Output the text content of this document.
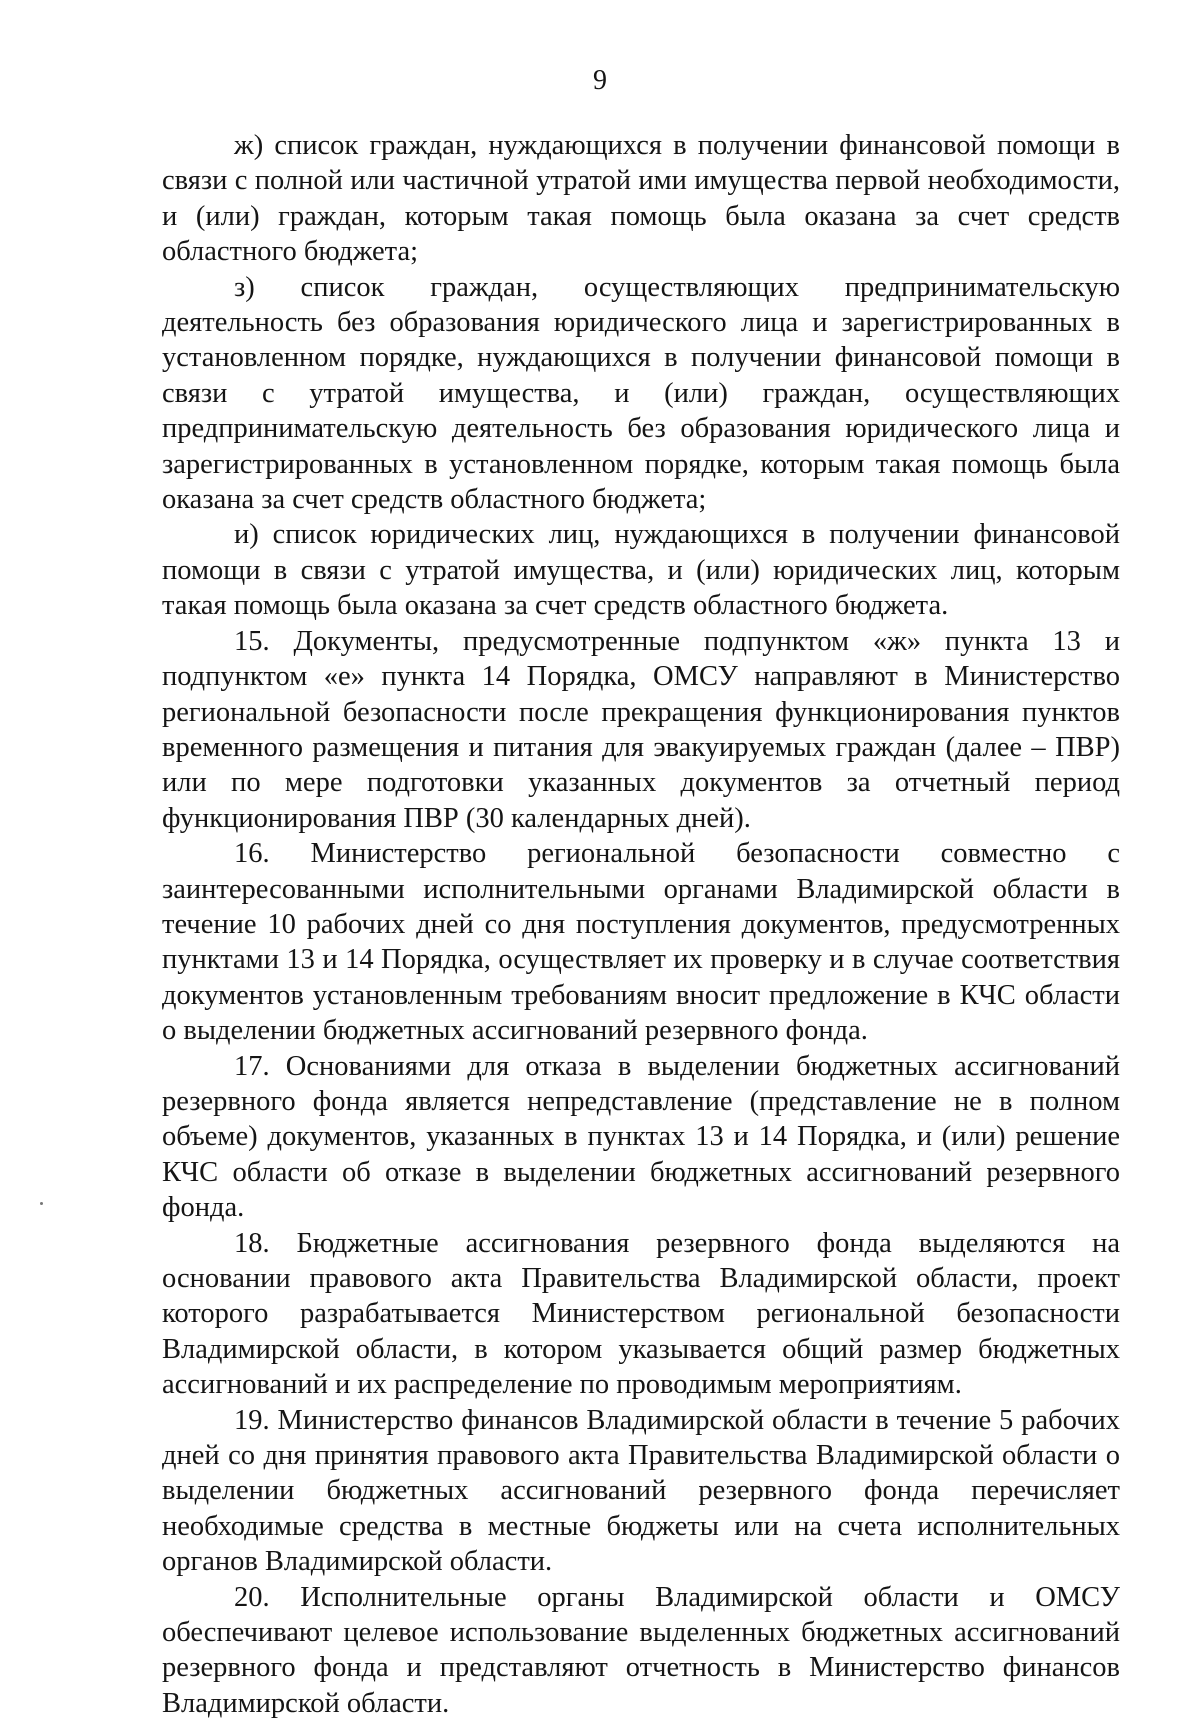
9

ж) список граждан, нуждающихся в получении финансовой помощи в связи с полной или частичной утратой ими имущества первой необходимости, и (или) граждан, которым такая помощь была оказана за счет средств областного бюджета;

з) список граждан, осуществляющих предпринимательскую деятельность без образования юридического лица и зарегистрированных в установленном порядке, нуждающихся в получении финансовой помощи в связи с утратой имущества, и (или) граждан, осуществляющих предпринимательскую деятельность без образования юридического лица и зарегистрированных в установленном порядке, которым такая помощь была оказана за счет средств областного бюджета;

и) список юридических лиц, нуждающихся в получении финансовой помощи в связи с утратой имущества, и (или) юридических лиц, которым такая помощь была оказана за счет средств областного бюджета.

15. Документы, предусмотренные подпунктом «ж» пункта 13 и подпунктом «е» пункта 14 Порядка, ОМСУ направляют в Министерство региональной безопасности после прекращения функционирования пунктов временного размещения и питания для эвакуируемых граждан (далее – ПВР) или по мере подготовки указанных документов за отчетный период функционирования ПВР (30 календарных дней).

16. Министерство региональной безопасности совместно с заинтересованными исполнительными органами Владимирской области в течение 10 рабочих дней со дня поступления документов, предусмотренных пунктами 13 и 14 Порядка, осуществляет их проверку и в случае соответствия документов установленным требованиям вносит предложение в КЧС области о выделении бюджетных ассигнований резервного фонда.

17. Основаниями для отказа в выделении бюджетных ассигнований резервного фонда является непредставление (представление не в полном объеме) документов, указанных в пунктах 13 и 14 Порядка, и (или) решение КЧС области об отказе в выделении бюджетных ассигнований резервного фонда.

18. Бюджетные ассигнования резервного фонда выделяются на основании правового акта Правительства Владимирской области, проект которого разрабатывается Министерством региональной безопасности Владимирской области, в котором указывается общий размер бюджетных ассигнований и их распределение по проводимым мероприятиям.

19. Министерство финансов Владимирской области в течение 5 рабочих дней со дня принятия правового акта Правительства Владимирской области о выделении бюджетных ассигнований резервного фонда перечисляет необходимые средства в местные бюджеты или на счета исполнительных органов Владимирской области.

20. Исполнительные органы Владимирской области и ОМСУ обеспечивают целевое использование выделенных бюджетных ассигнований резервного фонда и представляют отчетность в Министерство финансов Владимирской области.
